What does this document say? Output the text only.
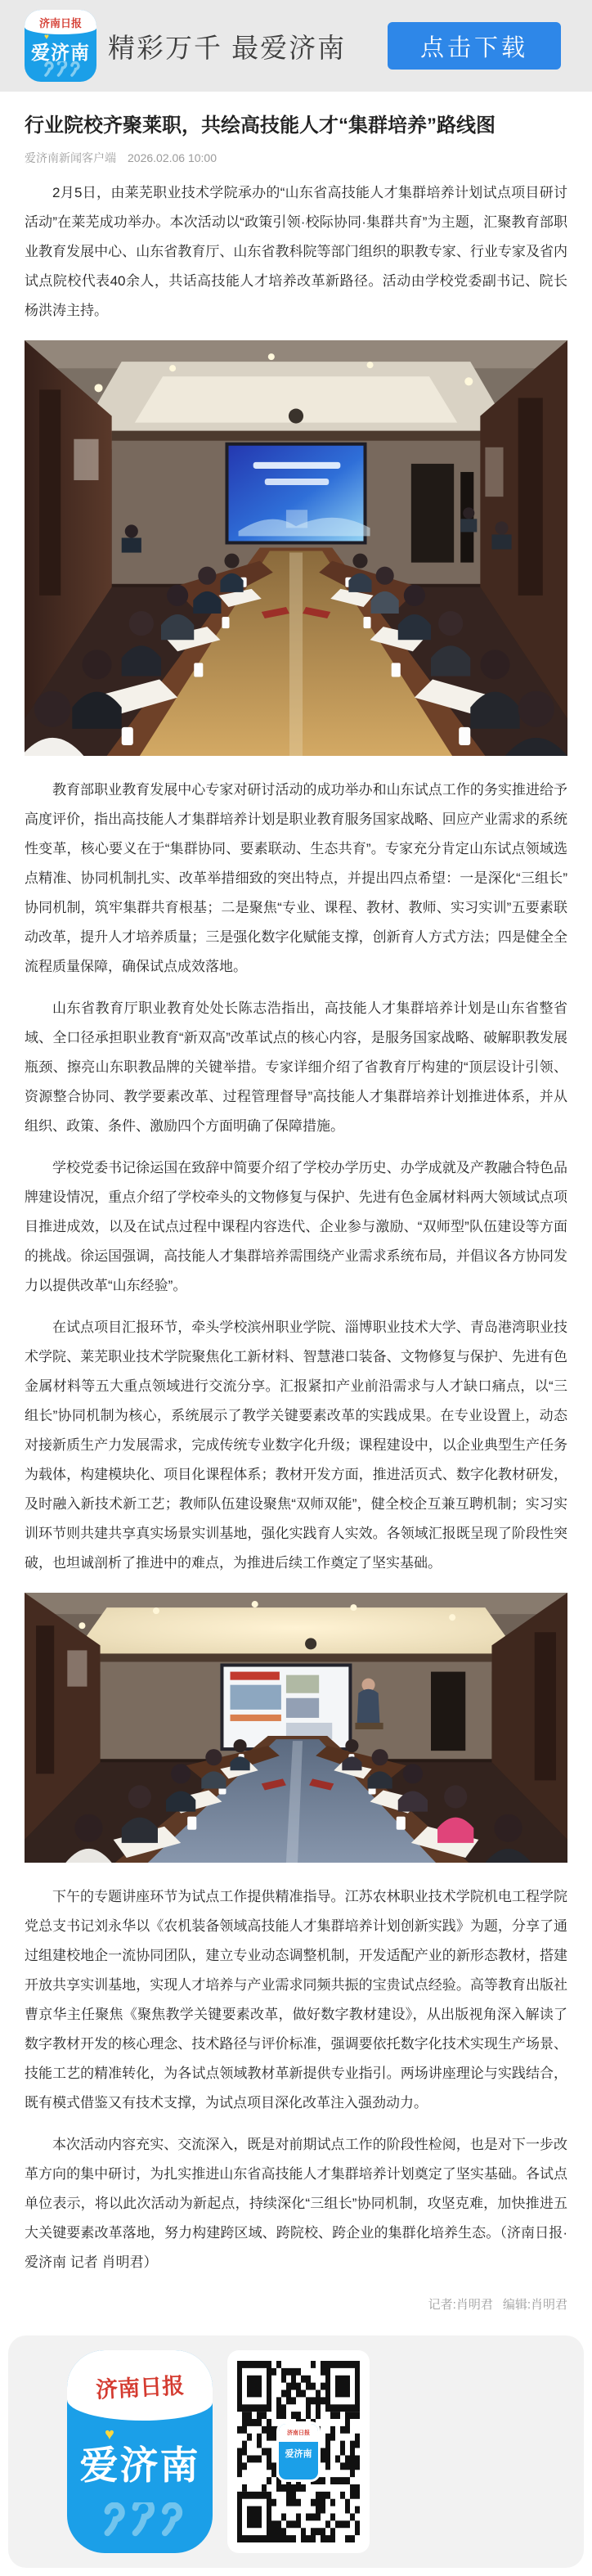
济南日报
♥
爱济南 精彩万千 最爱济南	点击下载
行业院校齐聚莱职，共绘高技能人才“集群培养”路线图
爱济南新闻客户端 2026.02.06 10:00

2月5日，由莱芜职业技术学院承办的“山东省高技能人才集群培养计划试点项目研讨活动”在莱芜成功举办。本次活动以“政策引领·校际协同·集群共育”为主题，汇聚教育部职业教育发展中心、山东省教育厅、山东省教科院等部门组织的职教专家、行业专家及省内试点院校代表40余人，共话高技能人才培养改革新路径。活动由学校党委副书记、院长杨洪涛主持。

教育部职业教育发展中心专家对研讨活动的成功举办和山东试点工作的务实推进给予高度评价，指出高技能人才集群培养计划是职业教育服务国家战略、回应产业需求的系统性变革，核心要义在于“集群协同、要素联动、生态共育”。专家充分肯定山东试点领域选点精准、协同机制扎实、改革举措细致的突出特点，并提出四点希望：一是深化“三组长”协同机制，筑牢集群共育根基；二是聚焦“专业、课程、教材、教师、实习实训”五要素联动改革，提升人才培养质量；三是强化数字化赋能支撑，创新育人方式方法；四是健全全流程质量保障，确保试点成效落地。

山东省教育厅职业教育处处长陈志浩指出，高技能人才集群培养计划是山东省整省域、全口径承担职业教育“新双高”改革试点的核心内容，是服务国家战略、破解职教发展瓶颈、擦亮山东职教品牌的关键举措。专家详细介绍了省教育厅构建的“顶层设计引领、资源整合协同、教学要素改革、过程管理督导”高技能人才集群培养计划推进体系，并从组织、政策、条件、激励四个方面明确了保障措施。

学校党委书记徐运国在致辞中简要介绍了学校办学历史、办学成就及产教融合特色品牌建设情况，重点介绍了学校牵头的文物修复与保护、先进有色金属材料两大领域试点项目推进成效，以及在试点过程中课程内容迭代、企业参与激励、“双师型”队伍建设等方面的挑战。徐运国强调，高技能人才集群培养需围绕产业需求系统布局，并倡议各方协同发力以提供改革“山东经验”。

在试点项目汇报环节，牵头学校滨州职业学院、淄博职业技术大学、青岛港湾职业技术学院、莱芜职业技术学院聚焦化工新材料、智慧港口装备、文物修复与保护、先进有色金属材料等五大重点领域进行交流分享。汇报紧扣产业前沿需求与人才缺口痛点，以“三组长”协同机制为核心，系统展示了教学关键要素改革的实践成果。在专业设置上，动态对接新质生产力发展需求，完成传统专业数字化升级；课程建设中，以企业典型生产任务为载体，构建模块化、项目化课程体系；教材开发方面，推进活页式、数字化教材研发，及时融入新技术新工艺；教师队伍建设聚焦“双师双能”，健全校企互兼互聘机制；实习实训环节则共建共享真实场景实训基地，强化实践育人实效。各领域汇报既呈现了阶段性突破，也坦诚剖析了推进中的难点，为推进后续工作奠定了坚实基础。

下午的专题讲座环节为试点工作提供精准指导。江苏农林职业技术学院机电工程学院党总支书记刘永华以《农机装备领域高技能人才集群培养计划创新实践》为题，分享了通过组建校地企一流协同团队，建立专业动态调整机制，开发适配产业的新形态教材，搭建开放共享实训基地，实现人才培养与产业需求同频共振的宝贵试点经验。高等教育出版社曹京华主任聚焦《聚焦教学关键要素改革，做好数字教材建设》，从出版视角深入解读了数字教材开发的核心理念、技术路径与评价标准，强调要依托数字化技术实现生产场景、技能工艺的精准转化，为各试点领域教材革新提供专业指引。两场讲座理论与实践结合，既有模式借鉴又有技术支撑，为试点项目深化改革注入强劲动力。

本次活动内容充实、交流深入，既是对前期试点工作的阶段性检阅，也是对下一步改革方向的集中研讨，为扎实推进山东省高技能人才集群培养计划奠定了坚实基础。各试点单位表示，将以此次活动为新起点，持续深化“三组长”协同机制，攻坚克难，加快推进五大关键要素改革落地，努力构建跨区域、跨院校、跨企业的集群化培养生态。（济南日报·爱济南 记者 肖明君）

记者:肖明君 编辑:肖明君
济南日报
♥
爱济南
济南日报
爱济南
